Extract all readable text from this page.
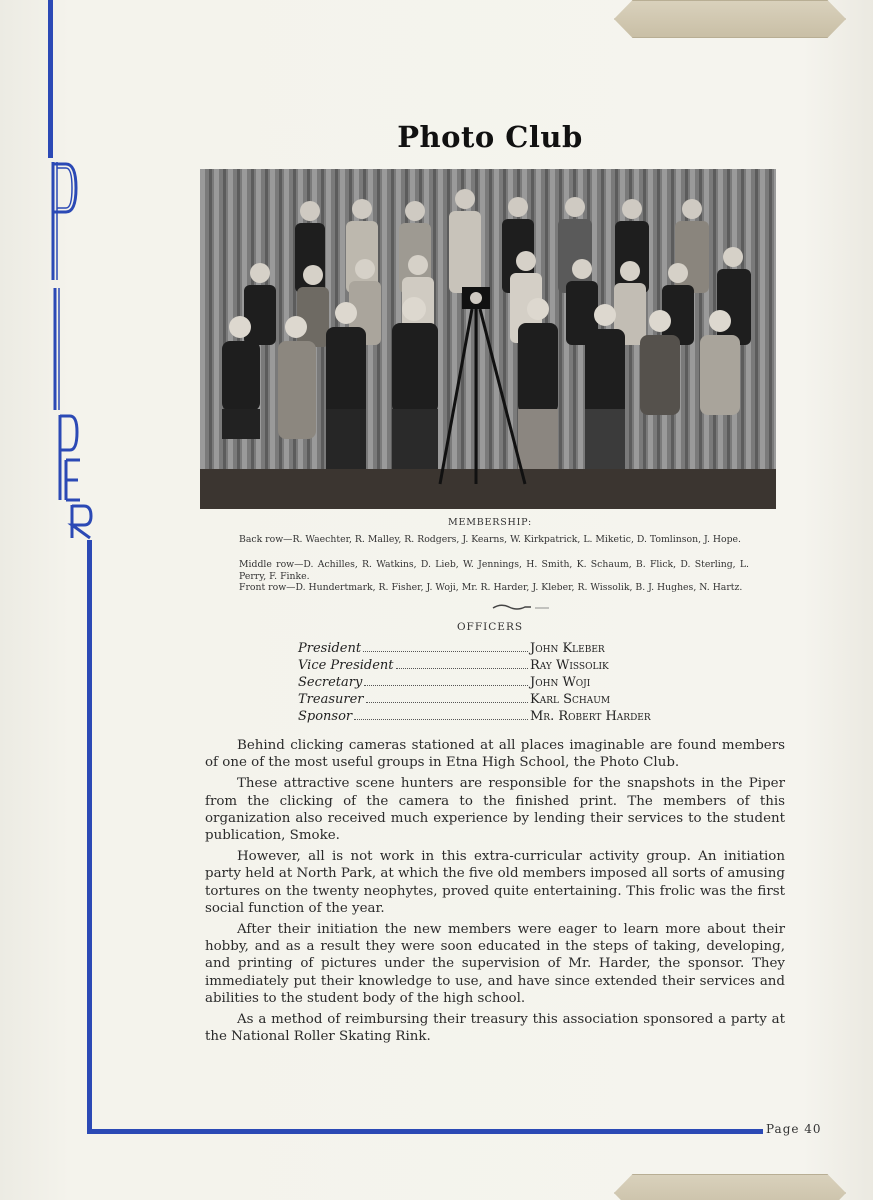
Photo Club
MEMBERSHIP:
Back row—R. Waechter, R. Malley, R. Rodgers, J. Kearns, W. Kirkpatrick, L. Miketic, D. Tomlinson, J. Hope.
Middle row—D. Achilles, R. Watkins, D. Lieb, W. Jennings, H. Smith, K. Schaum, B. Flick, D. Sterling, L. Perry, F. Finke.
Front row—D. Hundertmark, R. Fisher, J. Woji, Mr. R. Harder, J. Kleber, R. Wissolik, B. J. Hughes, N. Hartz.
OFFICERS
President	John Kleber
Vice President	Ray Wissolik
Secretary	John Woji
Treasurer	Karl Schaum
Sponsor	Mr. Robert Harder

Behind clicking cameras stationed at all places imaginable are found members of one of the most useful groups in Etna High School, the Photo Club.

These attractive scene hunters are responsible for the snapshots in the Piper from the clicking of the camera to the finished print. The members of this organization also received much experience by lending their services to the student publication, Smoke.

However, all is not work in this extra-curricular activity group. An initiation party held at North Park, at which the five old members imposed all sorts of amusing tortures on the twenty neophytes, proved quite entertaining. This frolic was the first social function of the year.

After their initiation the new members were eager to learn more about their hobby, and as a result they were soon educated in the steps of taking, developing, and printing of pictures under the supervision of Mr. Harder, the sponsor. They immediately put their knowledge to use, and have since extended their services and abilities to the student body of the high school.

As a method of reimbursing their treasury this association sponsored a party at the National Roller Skating Rink.

Page 40
